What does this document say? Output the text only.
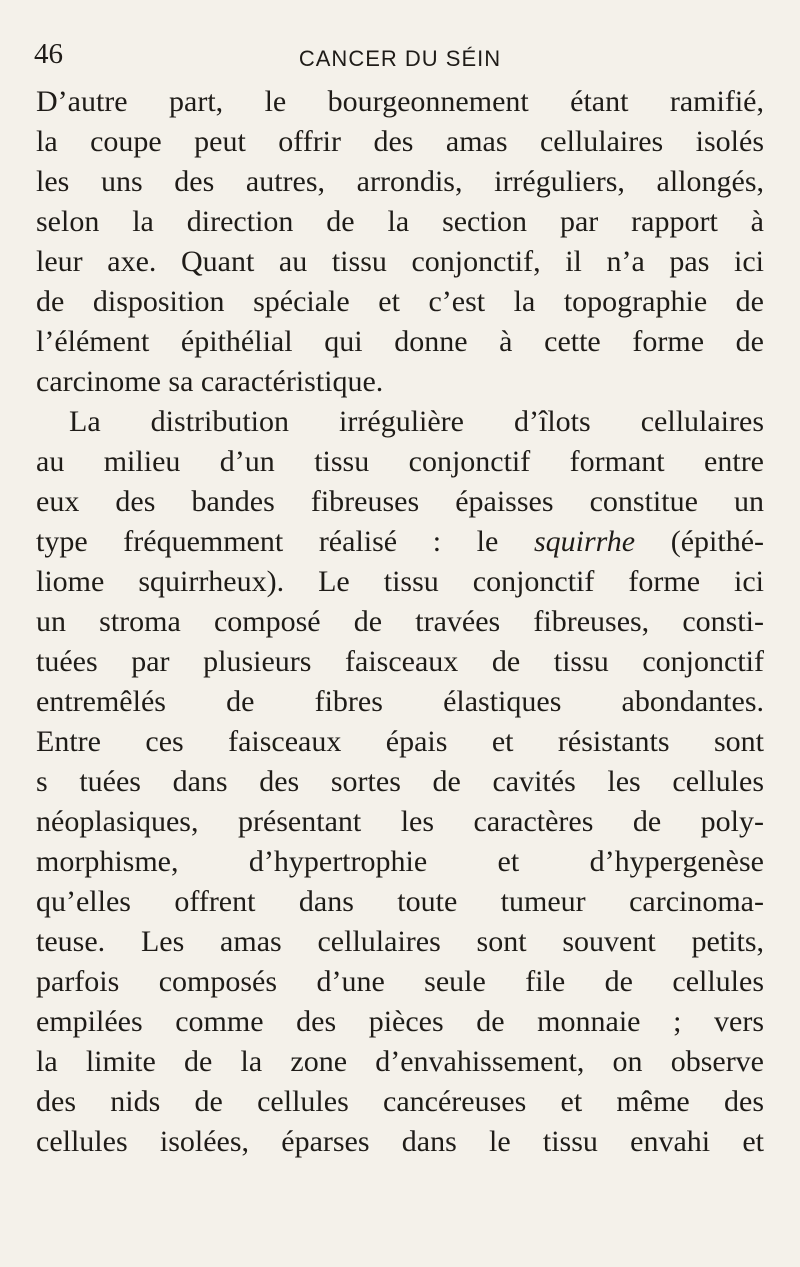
46	CANCER DU SÉIN
D’autre part, le bourgeonnement étant ramifié,
la coupe peut offrir des amas cellulaires isolés
les uns des autres, arrondis, irréguliers, allongés,
selon la direction de la section par rapport à
leur axe. Quant au tissu conjonctif, il n’a pas ici
de disposition spéciale et c’est la topographie de
l’élément épithélial qui donne à cette forme de
carcinome sa caractéristique.
La distribution irrégulière d’îlots cellulaires
au milieu d’un tissu conjonctif formant entre
eux des bandes fibreuses épaisses constitue un
type fréquemment réalisé : le squirrhe (épithé-
liome squirrheux). Le tissu conjonctif forme ici
un stroma composé de travées fibreuses, consti-
tuées par plusieurs faisceaux de tissu conjonctif
entremêlés de fibres élastiques abondantes.
Entre ces faisceaux épais et résistants sont
s tuées dans des sortes de cavités les cellules
néoplasiques, présentant les caractères de poly-
morphisme, d’hypertrophie et d’hypergenèse
qu’elles offrent dans toute tumeur carcinoma-
teuse. Les amas cellulaires sont souvent petits,
parfois composés d’une seule file de cellules
empilées comme des pièces de monnaie ; vers
la limite de la zone d’envahissement, on observe
des nids de cellules cancéreuses et même des
cellules isolées, éparses dans le tissu envahi et
